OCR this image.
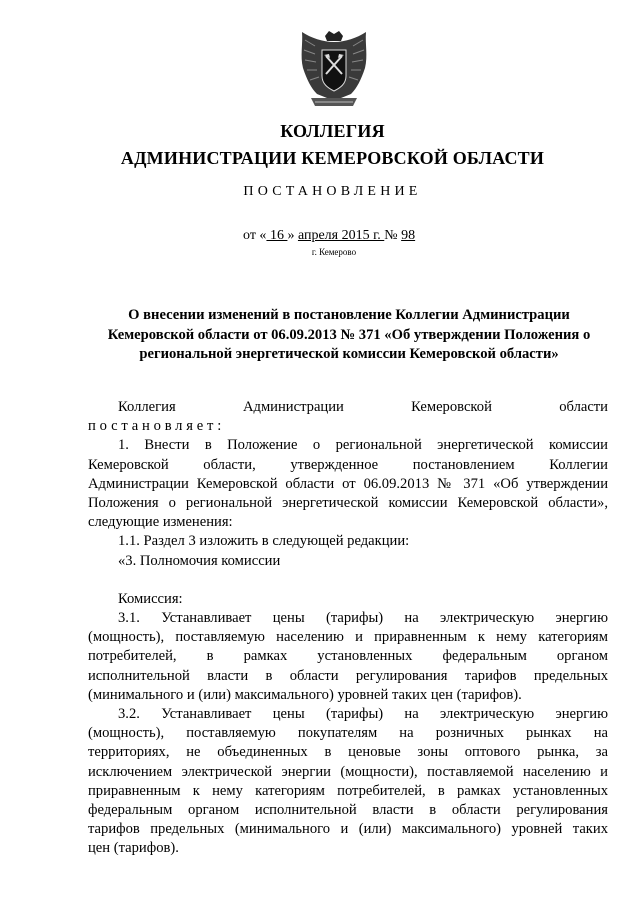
КОЛЛЕГИЯ
АДМИНИСТРАЦИИ КЕМЕРОВСКОЙ ОБЛАСТИ
ПОСТАНОВЛЕНИЕ
от « 16 » апреля 2015 г. № 98
г. Кемерово
О внесении изменений в постановление Коллегии Администрации Кемеровской области от 06.09.2013 № 371 «Об утверждении Положения о региональной энергетической комиссии Кемеровской области»
Коллегия Администрации Кемеровской области
постановляет:
1. Внести в Положение о региональной энергетической комиссии
Кемеровской области, утвержденное постановлением Коллегии
Администрации Кемеровской области от 06.09.2013 № 371 «Об утверждении
Положения о региональной энергетической комиссии Кемеровской области»,
следующие изменения:
1.1. Раздел 3 изложить в следующей редакции:
«3. Полномочия комиссии
Комиссия:
3.1. Устанавливает цены (тарифы) на электрическую энергию
(мощность), поставляемую населению и приравненным к нему категориям
потребителей, в рамках установленных федеральным органом
исполнительной власти в области регулирования тарифов предельных
(минимального и (или) максимального) уровней таких цен (тарифов).
3.2. Устанавливает цены (тарифы) на электрическую энергию
(мощность), поставляемую покупателям на розничных рынках на
территориях, не объединенных в ценовые зоны оптового рынка, за
исключением электрической энергии (мощности), поставляемой населению и
приравненным к нему категориям потребителей, в рамках установленных
федеральным органом исполнительной власти в области регулирования
тарифов предельных (минимального и (или) максимального) уровней таких
цен (тарифов).
